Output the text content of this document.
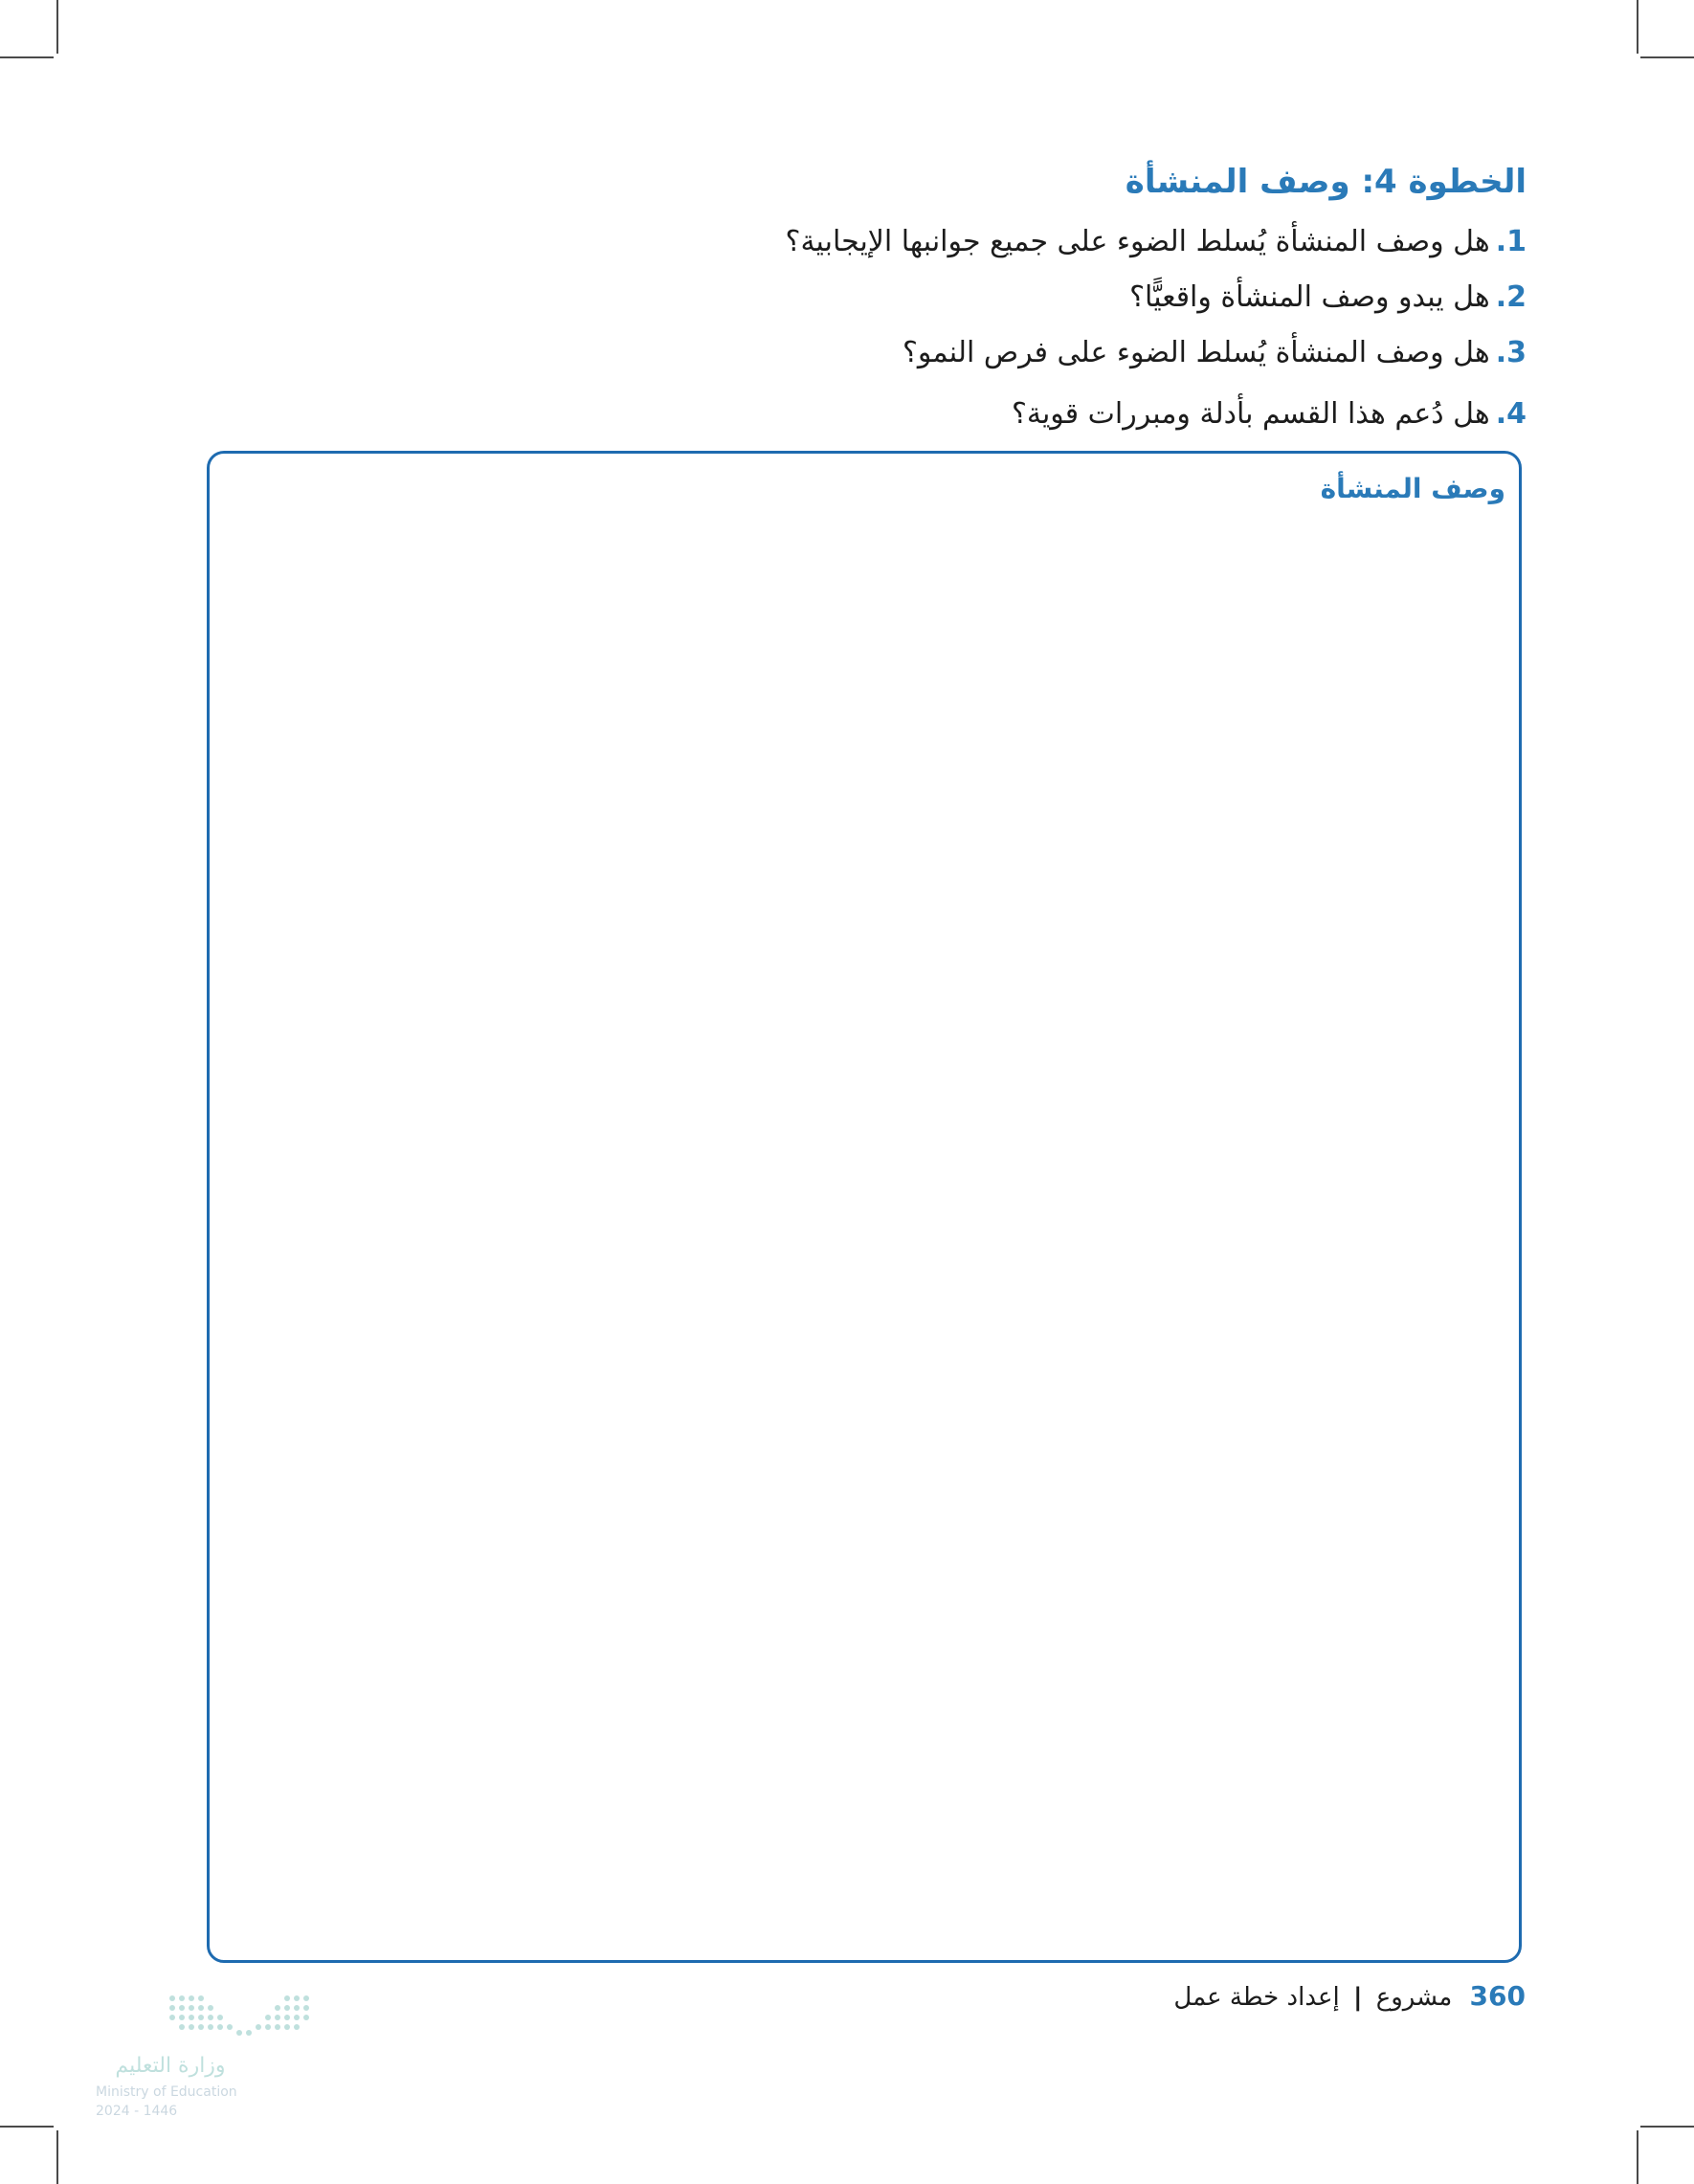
الخطوة 4: وصف المنشأة
1.هل وصف المنشأة يُسلط الضوء على جميع جوانبها الإيجابية؟
2.هل يبدو وصف المنشأة واقعيًّا؟
3.هل وصف المنشأة يُسلط الضوء على فرص النمو؟
4.هل دُعم هذا القسم بأدلة ومبررات قوية؟
وصف المنشأة
360 مشروع | إعداد خطة عمل
وزارة التعليم
Ministry of Education
2024 - 1446
